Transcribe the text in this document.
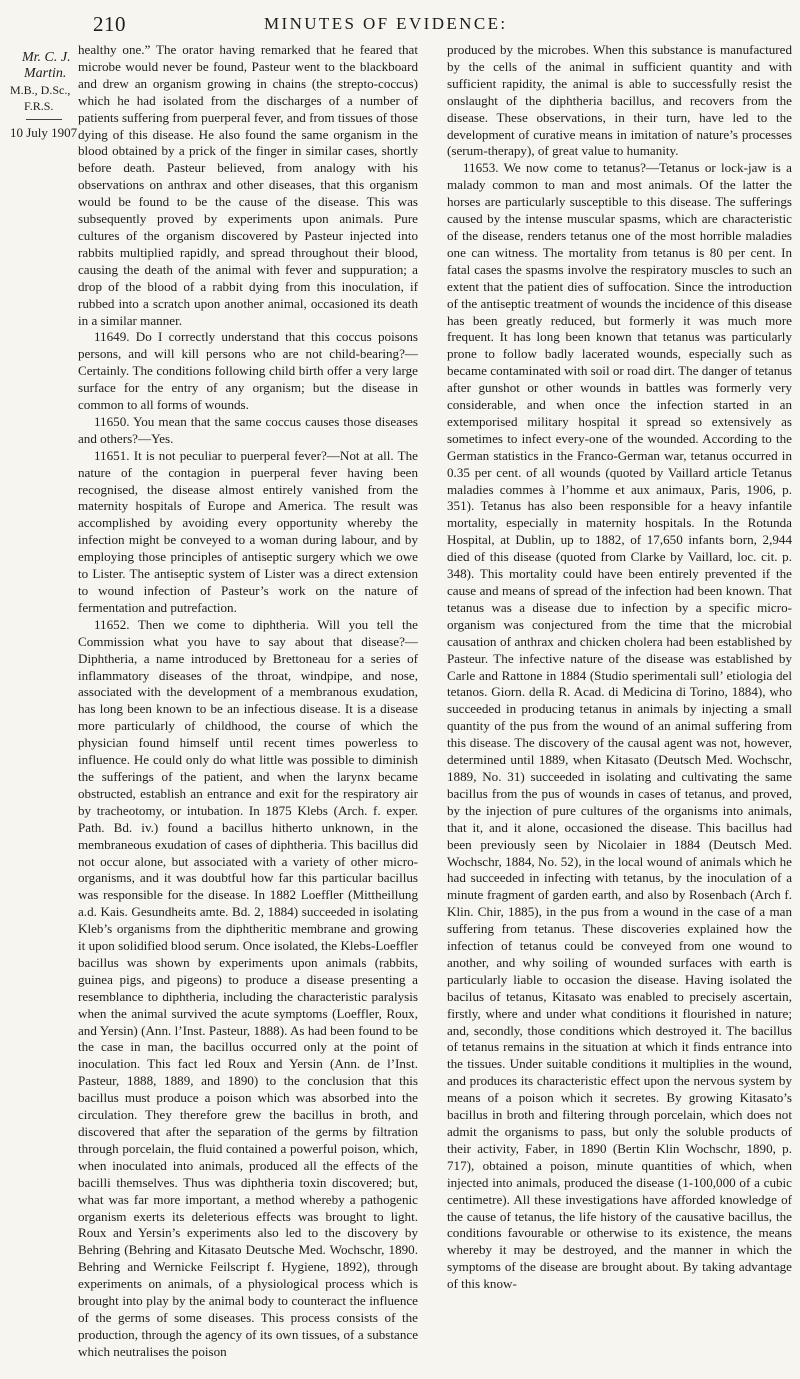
210	MINUTES OF EVIDENCE:
Mr. C. J.
Martin.
M.B., D.Sc.,
F.R.S.
10 July 1907

healthy one.” The orator having remarked that he feared that microbe would never be found, Pasteur went to the blackboard and drew an organism growing in chains (the strepto-coccus) which he had isolated from the discharges of a number of patients suffering from puerperal fever, and from tissues of those dying of this disease. He also found the same organism in the blood obtained by a prick of the finger in similar cases, shortly before death. Pasteur believed, from analogy with his observations on anthrax and other diseases, that this organism would be found to be the cause of the disease. This was subsequently proved by experiments upon animals. Pure cultures of the organism discovered by Pasteur injected into rabbits multiplied rapidly, and spread throughout their blood, causing the death of the animal with fever and suppuration; a drop of the blood of a rabbit dying from this inoculation, if rubbed into a scratch upon another animal, occasioned its death in a similar manner.

11649. Do I correctly understand that this coccus poisons persons, and will kill persons who are not child-bearing?—Certainly. The conditions following child birth offer a very large surface for the entry of any organism; but the disease in common to all forms of wounds.

11650. You mean that the same coccus causes those diseases and others?—Yes.

11651. It is not peculiar to puerperal fever?—Not at all. The nature of the contagion in puerperal fever having been recognised, the disease almost entirely vanished from the maternity hospitals of Europe and America. The result was accomplished by avoiding every opportunity whereby the infection might be conveyed to a woman during labour, and by employing those principles of antiseptic surgery which we owe to Lister. The antiseptic system of Lister was a direct extension to wound infection of Pasteur’s work on the nature of fermentation and putrefaction.

11652. Then we come to diphtheria. Will you tell the Commission what you have to say about that disease?— Diphtheria, a name introduced by Brettoneau for a series of inflammatory diseases of the throat, windpipe, and nose, associated with the development of a membranous exudation, has long been known to be an infectious disease. It is a disease more particularly of childhood, the course of which the physician found himself until recent times powerless to influence. He could only do what little was possible to diminish the sufferings of the patient, and when the larynx became obstructed, establish an entrance and exit for the respiratory air by tracheotomy, or intubation. In 1875 Klebs (Arch. f. exper. Path. Bd. iv.) found a bacillus hitherto unknown, in the membraneous exudation of cases of diphtheria. This bacillus did not occur alone, but associated with a variety of other micro-organisms, and it was doubtful how far this particular bacillus was responsible for the disease. In 1882 Loeffler (Mittheillung a.d. Kais. Gesundheits amte. Bd. 2, 1884) succeeded in isolating Kleb’s organisms from the diphtheritic membrane and growing it upon solidified blood serum. Once isolated, the Klebs-Loeffler bacillus was shown by experiments upon animals (rabbits, guinea pigs, and pigeons) to produce a disease presenting a resemblance to diphtheria, including the characteristic paralysis when the animal survived the acute symptoms (Loeffler, Roux, and Yersin) (Ann. l’Inst. Pasteur, 1888). As had been found to be the case in man, the bacillus occurred only at the point of inoculation. This fact led Roux and Yersin (Ann. de l’Inst. Pasteur, 1888, 1889, and 1890) to the conclusion that this bacillus must produce a poison which was absorbed into the circulation. They therefore grew the bacillus in broth, and discovered that after the separation of the germs by filtration through porcelain, the fluid contained a powerful poison, which, when inoculated into animals, produced all the effects of the bacilli themselves. Thus was diphtheria toxin discovered; but, what was far more important, a method whereby a pathogenic organism exerts its deleterious effects was brought to light. Roux and Yersin’s experiments also led to the discovery by Behring (Behring and Kitasato Deutsche Med. Wochschr, 1890. Behring and Wernicke Feilscript f. Hygiene, 1892), through experiments on animals, of a physiological process which is brought into play by the animal body to counteract the influence of the germs of some diseases. This process consists of the production, through the agency of its own tissues, of a substance which neutralises the poison

produced by the microbes. When this substance is manufactured by the cells of the animal in sufficient quantity and with sufficient rapidity, the animal is able to successfully resist the onslaught of the diphtheria bacillus, and recovers from the disease. These observations, in their turn, have led to the development of curative means in imitation of nature’s processes (serum-therapy), of great value to humanity.

11653. We now come to tetanus?—Tetanus or lock-jaw is a malady common to man and most animals. Of the latter the horses are particularly susceptible to this disease. The sufferings caused by the intense muscular spasms, which are characteristic of the disease, renders tetanus one of the most horrible maladies one can witness. The mortality from tetanus is 80 per cent. In fatal cases the spasms involve the respiratory muscles to such an extent that the patient dies of suffocation. Since the introduction of the antiseptic treatment of wounds the incidence of this disease has been greatly reduced, but formerly it was much more frequent. It has long been known that tetanus was particularly prone to follow badly lacerated wounds, especially such as became contaminated with soil or road dirt. The danger of tetanus after gunshot or other wounds in battles was formerly very considerable, and when once the infection started in an extemporised military hospital it spread so extensively as sometimes to infect every-one of the wounded. According to the German statistics in the Franco-German war, tetanus occurred in 0.35 per cent. of all wounds (quoted by Vaillard article Tetanus maladies commes à l’homme et aux animaux, Paris, 1906, p. 351). Tetanus has also been responsible for a heavy infantile mortality, especially in maternity hospitals. In the Rotunda Hospital, at Dublin, up to 1882, of 17,650 infants born, 2,944 died of this disease (quoted from Clarke by Vaillard, loc. cit. p. 348). This mortality could have been entirely prevented if the cause and means of spread of the infection had been known. That tetanus was a disease due to infection by a specific micro-organism was conjectured from the time that the microbial causation of anthrax and chicken cholera had been established by Pasteur. The infective nature of the disease was established by Carle and Rattone in 1884 (Studio sperimentali sull’ etiologia del tetanos. Giorn. della R. Acad. di Medicina di Torino, 1884), who succeeded in producing tetanus in animals by injecting a small quantity of the pus from the wound of an animal suffering from this disease. The discovery of the causal agent was not, however, determined until 1889, when Kitasato (Deutsch Med. Wochschr, 1889, No. 31) succeeded in isolating and cultivating the same bacillus from the pus of wounds in cases of tetanus, and proved, by the injection of pure cultures of the organisms into animals, that it, and it alone, occasioned the disease. This bacillus had been previously seen by Nicolaier in 1884 (Deutsch Med. Wochschr, 1884, No. 52), in the local wound of animals which he had succeeded in infecting with tetanus, by the inoculation of a minute fragment of garden earth, and also by Rosenbach (Arch f. Klin. Chir, 1885), in the pus from a wound in the case of a man suffering from tetanus. These discoveries explained how the infection of tetanus could be conveyed from one wound to another, and why soiling of wounded surfaces with earth is particularly liable to occasion the disease. Having isolated the bacilus of tetanus, Kitasato was enabled to precisely ascertain, firstly, where and under what conditions it flourished in nature; and, secondly, those conditions which destroyed it. The bacillus of tetanus remains in the situation at which it finds entrance into the tissues. Under suitable conditions it multiplies in the wound, and produces its characteristic effect upon the nervous system by means of a poison which it secretes. By growing Kitasato’s bacillus in broth and filtering through porcelain, which does not admit the organisms to pass, but only the soluble products of their activity, Faber, in 1890 (Bertin Klin Wochschr, 1890, p. 717), obtained a poison, minute quantities of which, when injected into animals, produced the disease (1-100,000 of a cubic centimetre). All these investigations have afforded knowledge of the cause of tetanus, the life history of the causative bacillus, the conditions favourable or otherwise to its existence, the means whereby it may be destroyed, and the manner in which the symptoms of the disease are brought about. By taking advantage of this know-
